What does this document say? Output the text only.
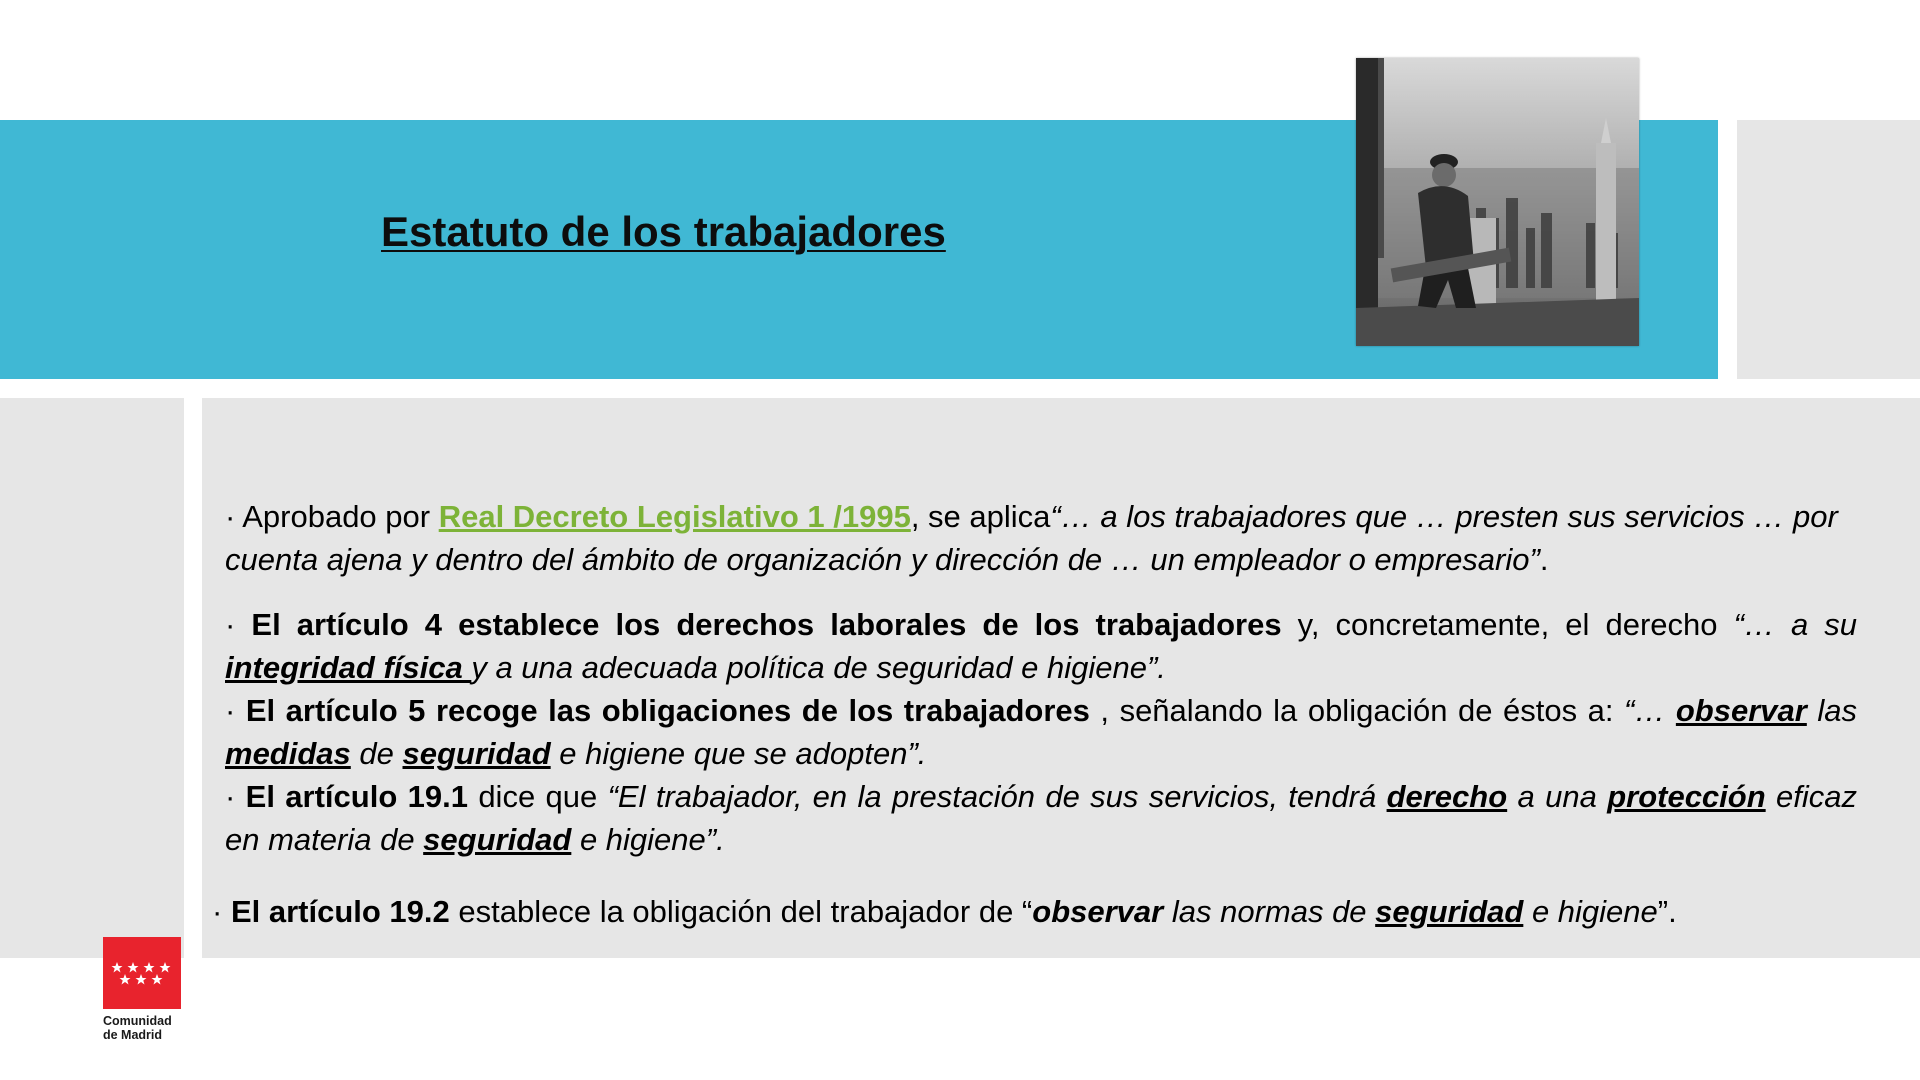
Estatuto de los trabajadores

· Aprobado por Real Decreto Legislativo 1 /1995, se aplica“… a los trabajadores que … presten sus servicios … por
cuenta ajena y dentro del ámbito de organización y dirección de … un empleador o empresario”.

· El artículo 4 establece los derechos laborales de los trabajadores y, concretamente, el derecho “… a su integridad física y a una adecuada política de seguridad e higiene”.

· El artículo 5 recoge las obligaciones de los trabajadores , señalando la obligación de éstos a: “… observar las medidas de seguridad e higiene que se adopten”.

· El artículo 19.1 dice que “El trabajador, en la prestación de sus servicios, tendrá derecho a una protección eficaz en materia de seguridad e higiene”.

· El artículo 19.2 establece la obligación del trabajador de “observar las normas de seguridad e higiene”.
Comunidad
de Madrid
